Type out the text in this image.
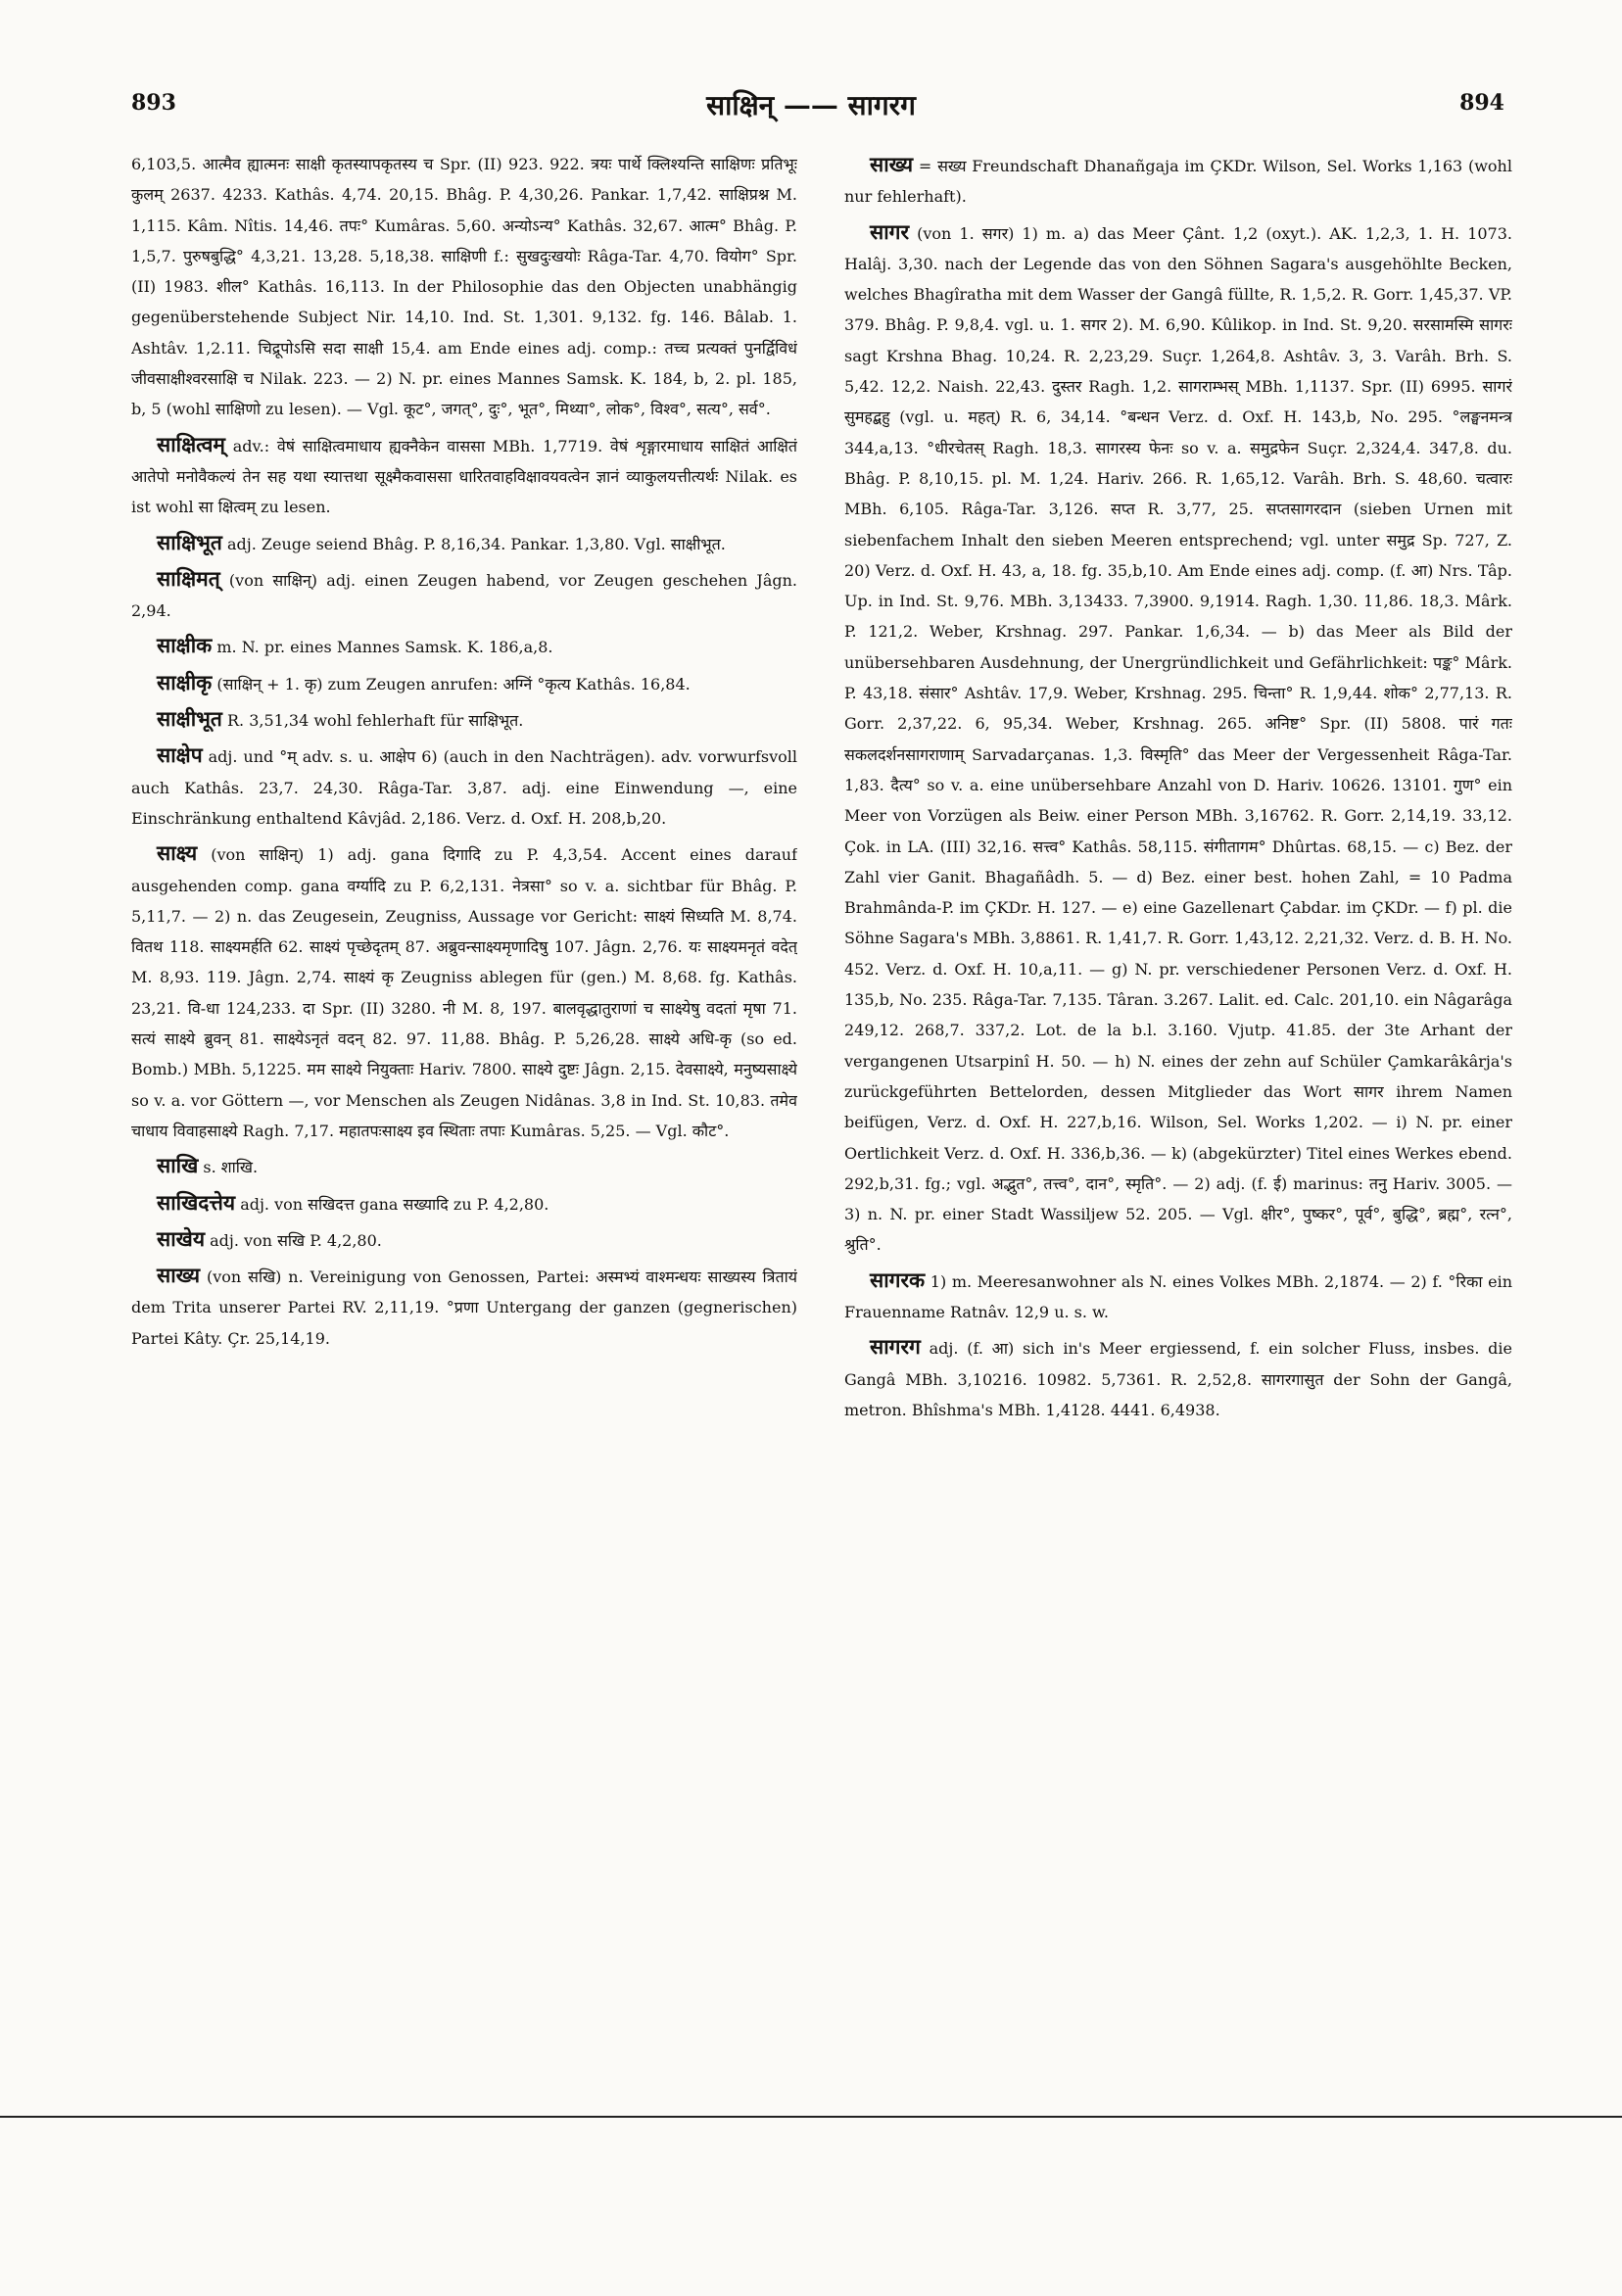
893	साक्षिन् —— सागरग	894

6,103,5. आत्मैव ह्यात्मनः साक्षी कृतस्यापकृतस्य च Spr. (II) 923. 922. त्रयः पार्थे क्लिश्यन्ति साक्षिणः प्रतिभूः कुलम् 2637. 4233. Kathâs. 4,74. 20,15. Bhâg. P. 4,30,26. Pankar. 1,7,42. साक्षिप्रश्न M. 1,115. Kâm. Nîtis. 14,46. तपः° Kumâras. 5,60. अन्योऽन्य° Kathâs. 32,67. आत्म° Bhâg. P. 1,5,7. पुरुषबुद्धि° 4,3,21. 13,28. 5,18,38. साक्षिणी f.: सुखदुःखयोः Râga-Tar. 4,70. वियोग° Spr. (II) 1983. शील° Kathâs. 16,113. In der Philosophie das den Objecten unabhängig gegenüberstehende Subject Nir. 14,10. Ind. St. 1,301. 9,132. fg. 146. Bâlab. 1. Ashtâv. 1,2.11. चिद्रूपोऽसि सदा साक्षी 15,4. am Ende eines adj. comp.: तच्च प्रत्यक्तं पुनर्द्विविधं जीवसाक्षीश्वरसाक्षि च Nilak. 223. — 2) N. pr. eines Mannes Samsk. K. 184, b, 2. pl. 185, b, 5 (wohl साक्षिणो zu lesen). — Vgl. कूट°, जगत्°, दुः°, भूत°, मिथ्या°, लोक°, विश्व°, सत्य°, सर्व°.

साक्षित्वम् adv.: वेषं साक्षित्वमाधाय ह्यक्नैकेन वाससा MBh. 1,7719. वेषं शृङ्गारमाधाय साक्षितं आक्षितं आतेपो मनोवैकल्यं तेन सह यथा स्यात्तथा सूक्ष्मैकवाससा धारितवाहविक्षावयवत्वेन ज्ञानं व्याकुलयत्तीत्यर्थः Nilak. es ist wohl सा क्षित्वम् zu lesen.

साक्षिभूत adj. Zeuge seiend Bhâg. P. 8,16,34. Pankar. 1,3,80. Vgl. साक्षीभूत.

साक्षिमत् (von साक्षिन्) adj. einen Zeugen habend, vor Zeugen geschehen Jâgn. 2,94.

साक्षीक m. N. pr. eines Mannes Samsk. K. 186,a,8.

साक्षीकृ (साक्षिन् + 1. कृ) zum Zeugen anrufen: अग्निं °कृत्य Kathâs. 16,84.

साक्षीभूत R. 3,51,34 wohl fehlerhaft für साक्षिभूत.

साक्षेप adj. und °म् adv. s. u. आक्षेप 6) (auch in den Nachträgen). adv. vorwurfsvoll auch Kathâs. 23,7. 24,30. Râga-Tar. 3,87. adj. eine Einwendung —, eine Einschränkung enthaltend Kâvjâd. 2,186. Verz. d. Oxf. H. 208,b,20.

साक्ष्य (von साक्षिन्) 1) adj. gana दिगादि zu P. 4,3,54. Accent eines darauf ausgehenden comp. gana वर्ग्यादि zu P. 6,2,131. नेत्रसा° so v. a. sichtbar für Bhâg. P. 5,11,7. — 2) n. das Zeugesein, Zeugniss, Aussage vor Gericht: साक्ष्यं सिध्यति M. 8,74. वितथ 118. साक्ष्यमर्हति 62. साक्ष्यं पृच्छेदृतम् 87. अब्रुवन्साक्ष्यमृणादिषु 107. Jâgn. 2,76. यः साक्ष्यमनृतं वदेत् M. 8,93. 119. Jâgn. 2,74. साक्ष्यं कृ Zeugniss ablegen für (gen.) M. 8,68. fg. Kathâs. 23,21. वि-धा 124,233. दा Spr. (II) 3280. नी M. 8, 197. बालवृद्धातुराणां च साक्ष्येषु वदतां मृषा 71. सत्यं साक्ष्ये ब्रुवन् 81. साक्ष्येऽनृतं वदन् 82. 97. 11,88. Bhâg. P. 5,26,28. साक्ष्ये अधि-कृ (so ed. Bomb.) MBh. 5,1225. मम साक्ष्ये नियुक्ताः Hariv. 7800. साक्ष्ये दुष्टः Jâgn. 2,15. देवसाक्ष्ये, मनुष्यसाक्ष्ये so v. a. vor Göttern —, vor Menschen als Zeugen Nidânas. 3,8 in Ind. St. 10,83. तमेव चाधाय विवाहसाक्ष्ये Ragh. 7,17. महातपःसाक्ष्य इव स्थिताः तपाः Kumâras. 5,25. — Vgl. कौट°.

साखि s. शाखि.

साखिदत्तेय adj. von सखिदत्त gana सख्यादि zu P. 4,2,80.

साखेय adj. von सखि P. 4,2,80.

साख्य (von सखि) n. Vereinigung von Genossen, Partei: अस्मभ्यं वाश्मन्धयः साख्यस्य त्रितायं dem Trita unserer Partei RV. 2,11,19. °प्रणा Untergang der ganzen (gegnerischen) Partei Kâty. Çr. 25,14,19.

साख्य = सख्य Freundschaft Dhanañgaja im ÇKDr. Wilson, Sel. Works 1,163 (wohl nur fehlerhaft).

सागर (von 1. सगर) 1) m. a) das Meer Çânt. 1,2 (oxyt.). AK. 1,2,3, 1. H. 1073. Halâj. 3,30. nach der Legende das von den Söhnen Sagara's ausgehöhlte Becken, welches Bhagîratha mit dem Wasser der Gangâ füllte, R. 1,5,2. R. Gorr. 1,45,37. VP. 379. Bhâg. P. 9,8,4. vgl. u. 1. सगर 2). M. 6,90. Kûlikop. in Ind. St. 9,20. सरसामस्मि सागरः sagt Krshna Bhag. 10,24. R. 2,23,29. Suçr. 1,264,8. Ashtâv. 3, 3. Varâh. Brh. S. 5,42. 12,2. Naish. 22,43. दुस्तर Ragh. 1,2. सागराम्भस् MBh. 1,1137. Spr. (II) 6995. सागरं सुमहद्बहु (vgl. u. महत्) R. 6, 34,14. °बन्धन Verz. d. Oxf. H. 143,b, No. 295. °लङ्घनमन्त्र 344,a,13. °धीरचेतस् Ragh. 18,3. सागरस्य फेनः so v. a. समुद्रफेन Suçr. 2,324,4. 347,8. du. Bhâg. P. 8,10,15. pl. M. 1,24. Hariv. 266. R. 1,65,12. Varâh. Brh. S. 48,60. चत्वारः MBh. 6,105. Râga-Tar. 3,126. सप्त R. 3,77, 25. सप्तसागरदान (sieben Urnen mit siebenfachem Inhalt den sieben Meeren entsprechend; vgl. unter समुद्र Sp. 727, Z. 20) Verz. d. Oxf. H. 43, a, 18. fg. 35,b,10. Am Ende eines adj. comp. (f. आ) Nrs. Tâp. Up. in Ind. St. 9,76. MBh. 3,13433. 7,3900. 9,1914. Ragh. 1,30. 11,86. 18,3. Mârk. P. 121,2. Weber, Krshnag. 297. Pankar. 1,6,34. — b) das Meer als Bild der unübersehbaren Ausdehnung, der Unergründlichkeit und Gefährlichkeit: पङ्क° Mârk. P. 43,18. संसार° Ashtâv. 17,9. Weber, Krshnag. 295. चिन्ता° R. 1,9,44. शोक° 2,77,13. R. Gorr. 2,37,22. 6, 95,34. Weber, Krshnag. 265. अनिष्ट° Spr. (II) 5808. पारं गतः सकलदर्शनसागराणाम् Sarvadarçanas. 1,3. विस्मृति° das Meer der Vergessenheit Râga-Tar. 1,83. दैत्य° so v. a. eine unübersehbare Anzahl von D. Hariv. 10626. 13101. गुण° ein Meer von Vorzügen als Beiw. einer Person MBh. 3,16762. R. Gorr. 2,14,19. 33,12. Çok. in LA. (III) 32,16. सत्त्व° Kathâs. 58,115. संगीतागम° Dhûrtas. 68,15. — c) Bez. der Zahl vier Ganit. Bhagañâdh. 5. — d) Bez. einer best. hohen Zahl, = 10 Padma Brahmânda-P. im ÇKDr. H. 127. — e) eine Gazellenart Çabdar. im ÇKDr. — f) pl. die Söhne Sagara's MBh. 3,8861. R. 1,41,7. R. Gorr. 1,43,12. 2,21,32. Verz. d. B. H. No. 452. Verz. d. Oxf. H. 10,a,11. — g) N. pr. verschiedener Personen Verz. d. Oxf. H. 135,b, No. 235. Râga-Tar. 7,135. Târan. 3.267. Lalit. ed. Calc. 201,10. ein Nâgarâga 249,12. 268,7. 337,2. Lot. de la b.l. 3.160. Vjutp. 41.85. der 3te Arhant der vergangenen Utsarpinî H. 50. — h) N. eines der zehn auf Schüler Çamkarâkârja's zurückgeführten Bettelorden, dessen Mitglieder das Wort सागर ihrem Namen beifügen, Verz. d. Oxf. H. 227,b,16. Wilson, Sel. Works 1,202. — i) N. pr. einer Oertlichkeit Verz. d. Oxf. H. 336,b,36. — k) (abgekürzter) Titel eines Werkes ebend. 292,b,31. fg.; vgl. अद्भुत°, तत्त्व°, दान°, स्मृति°. — 2) adj. (f. ई) marinus: तनु Hariv. 3005. — 3) n. N. pr. einer Stadt Wassiljew 52. 205. — Vgl. क्षीर°, पुष्कर°, पूर्व°, बुद्धि°, ब्रह्म°, रत्न°, श्रुति°.

सागरक 1) m. Meeresanwohner als N. eines Volkes MBh. 2,1874. — 2) f. °रिका ein Frauenname Ratnâv. 12,9 u. s. w.

सागरग adj. (f. आ) sich in's Meer ergiessend, f. ein solcher Fluss, insbes. die Gangâ MBh. 3,10216. 10982. 5,7361. R. 2,52,8. सागरगासुत der Sohn der Gangâ, metron. Bhîshma's MBh. 1,4128. 4441. 6,4938.
